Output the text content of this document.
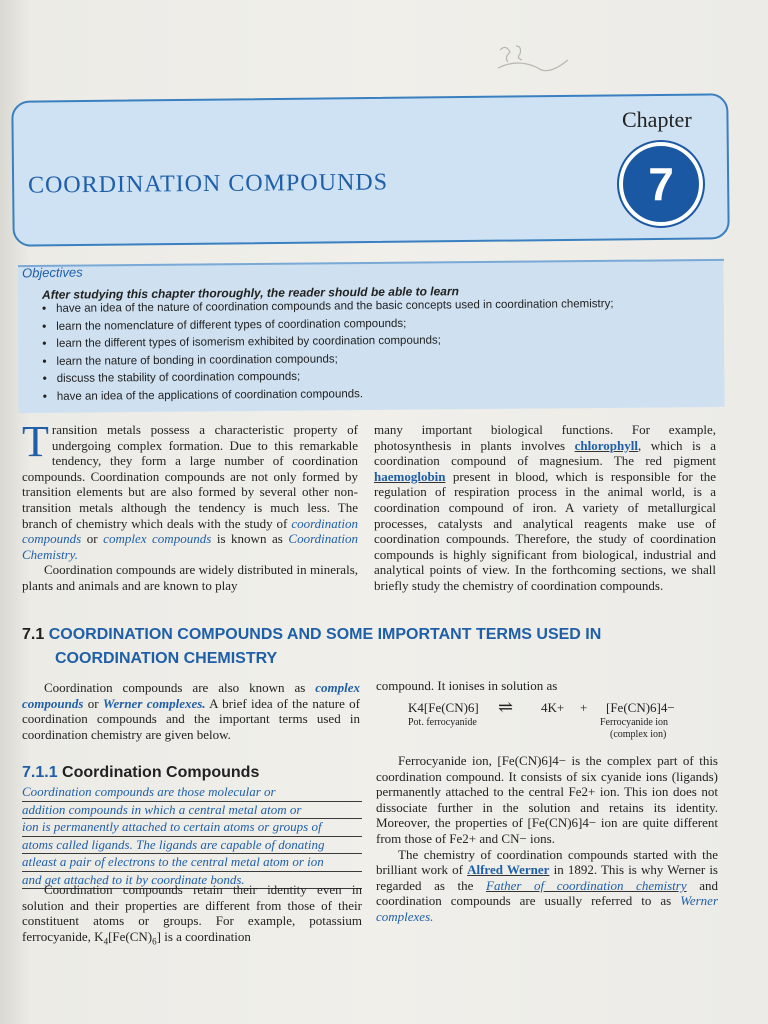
Chapter
7
COORDINATION COMPOUNDS
Objectives
After studying this chapter thoroughly, the reader should be able to learn
• have an idea of the nature of coordination compounds and the basic concepts used in coordination chemistry;
• learn the nomenclature of different types of coordination compounds;
• learn the different types of isomerism exhibited by coordination compounds;
• learn the nature of bonding in coordination compounds;
• discuss the stability of coordination compounds;
• have an idea of the applications of coordination compounds.

Transition metals possess a characteristic property of undergoing complex formation. Due to this remarkable tendency, they form a large number of coordination compounds. Coordination compounds are not only formed by transition elements but are also formed by several other non-transition metals although the tendency is much less. The branch of chemistry which deals with the study of coordination compounds or complex compounds is known as Coordination Chemistry.

Coordination compounds are widely distributed in minerals, plants and animals and are known to play

many important biological functions. For example, photosynthesis in plants involves chlorophyll, which is a coordination compound of magnesium. The red pigment haemoglobin present in blood, which is responsible for the regulation of respiration process in the animal world, is a coordination compound of iron. A variety of metallurgical processes, catalysts and analytical reagents make use of coordination compounds. Therefore, the study of coordination compounds is highly significant from biological, industrial and analytical points of view. In the forthcoming sections, we shall briefly study the chemistry of coordination compounds.

7.1 COORDINATION COMPOUNDS AND SOME IMPORTANT TERMS USED IN
COORDINATION CHEMISTRY

Coordination compounds are also known as complex compounds or Werner complexes. A brief idea of the nature of coordination compounds and the important terms used in coordination chemistry are given below.

7.1.1 Coordination Compounds
Coordination compounds are those molecular or
addition compounds in which a central metal atom or
ion is permanently attached to certain atoms or groups of
atoms called ligands. The ligands are capable of donating
atleast a pair of electrons to the central metal atom or ion
and get attached to it by coordinate bonds.

Coordination compounds retain their identity even in solution and their properties are different from those of their constituent atoms or groups. For example, potassium ferrocyanide, $K_4[Fe(CN)_6]$ is a coordination

compound. It ionises in solution as
K4[Fe(CN)6] ⇌ 4K+ + [Fe(CN)6]4−
Pot. ferrocyanide	Ferrocyanide ion
(complex ion)

Ferrocyanide ion, [Fe(CN)6]4− is the complex part of this coordination compound. It consists of six cyanide ions (ligands) permanently attached to the central Fe2+ ion. This ion does not dissociate further in the solution and retains its identity. Moreover, the properties of [Fe(CN)6]4− ion are quite different from those of Fe2+ and CN− ions.

The chemistry of coordination compounds started with the brilliant work of Alfred Werner in 1892. This is why Werner is regarded as the Father of coordination chemistry and coordination compounds are usually referred to as Werner complexes.
